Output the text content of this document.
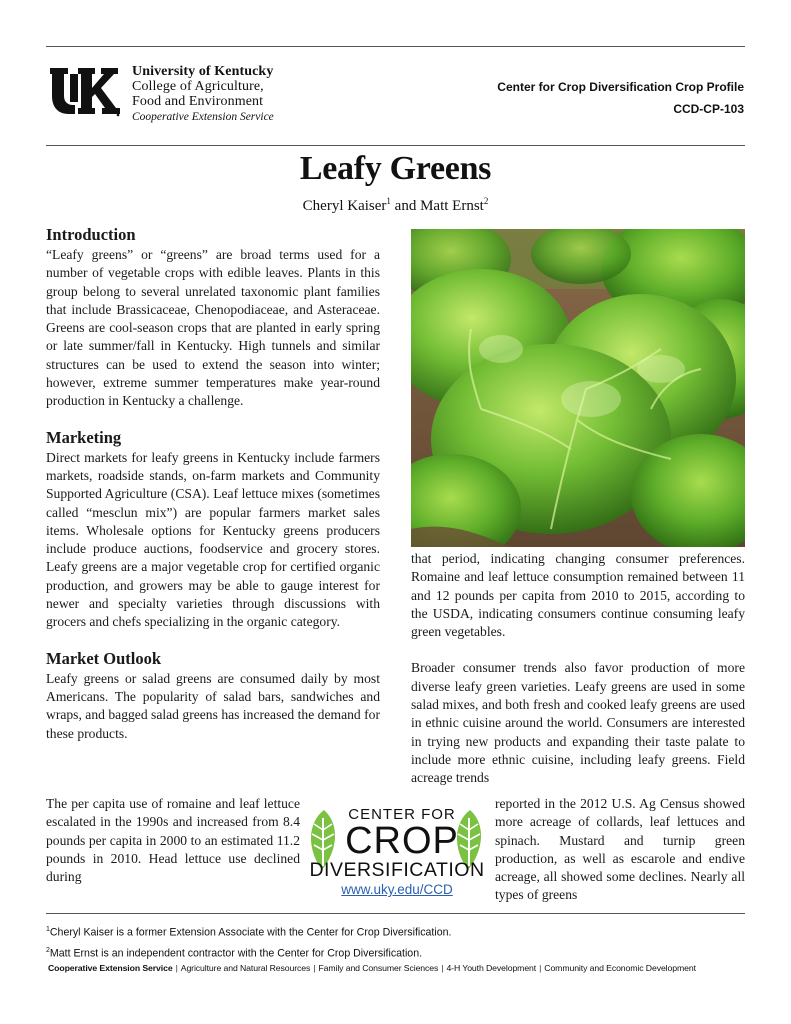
University of Kentucky
College of Agriculture,
Food and Environment
Cooperative Extension Service
Center for Crop Diversification Crop Profile
CCD-CP-103
Leafy Greens
Cheryl Kaiser$^1$ and Matt Ernst$^2$
Introduction

“Leafy greens” or “greens” are broad terms used for a number of vegetable crops with edible leaves. Plants in this group belong to several unrelated taxonomic plant families that include Brassicaceae, Chenopodiaceae, and Asteraceae. Greens are cool-season crops that are planted in early spring or late summer/fall in Kentucky. High tunnels and similar structures can be used to extend the season into winter; however, extreme summer temperatures make year-round production in Kentucky a challenge.

Marketing

Direct markets for leafy greens in Kentucky include farmers markets, roadside stands, on-farm markets and Community Supported Agriculture (CSA). Leaf lettuce mixes (sometimes called “mesclun mix”) are popular farmers market sales items. Wholesale options for Kentucky greens producers include produce auctions, foodservice and grocery stores. Leafy greens are a major vegetable crop for certified organic production, and growers may be able to gauge interest for newer and specialty varieties through discussions with grocers and chefs specializing in the organic category.

Market Outlook

Leafy greens or salad greens are consumed daily by most Americans. The popularity of salad bars, sandwiches and wraps, and bagged salad greens has increased the demand for these products.

The per capita use of romaine and leaf lettuce escalated in the 1990s and increased from 8.4 pounds per capita in 2000 to an estimated 11.2 pounds in 2010. Head lettuce use declined during

that period, indicating changing consumer preferences. Romaine and leaf lettuce consumption remained between 11 and 12 pounds per capita from 2010 to 2015, according to the USDA, indicating consumers continue consuming leafy green vegetables.

Broader consumer trends also favor production of more diverse leafy green varieties. Leafy greens are used in some salad mixes, and both fresh and cooked leafy greens are used in ethnic cuisine around the world. Consumers are interested in trying new products and expanding their taste palate to include more ethnic cuisine, including leafy greens. Field acreage trends

reported in the 2012 U.S. Ag Census showed more acreage of collards, leaf lettuces and spinach. Mustard and turnip green production, as well as escarole and endive acreage, all showed some declines. Nearly all types of greens
CENTER FOR
CROP
DIVERSIFICATION
www.uky.edu/CCD
$^1$Cheryl Kaiser is a former Extension Associate with the Center for Crop Diversification.
$^2$Matt Ernst is an independent contractor with the Center for Crop Diversification.
Cooperative Extension Service | Agriculture and Natural Resources | Family and Consumer Sciences | 4-H Youth Development | Community and Economic Development
